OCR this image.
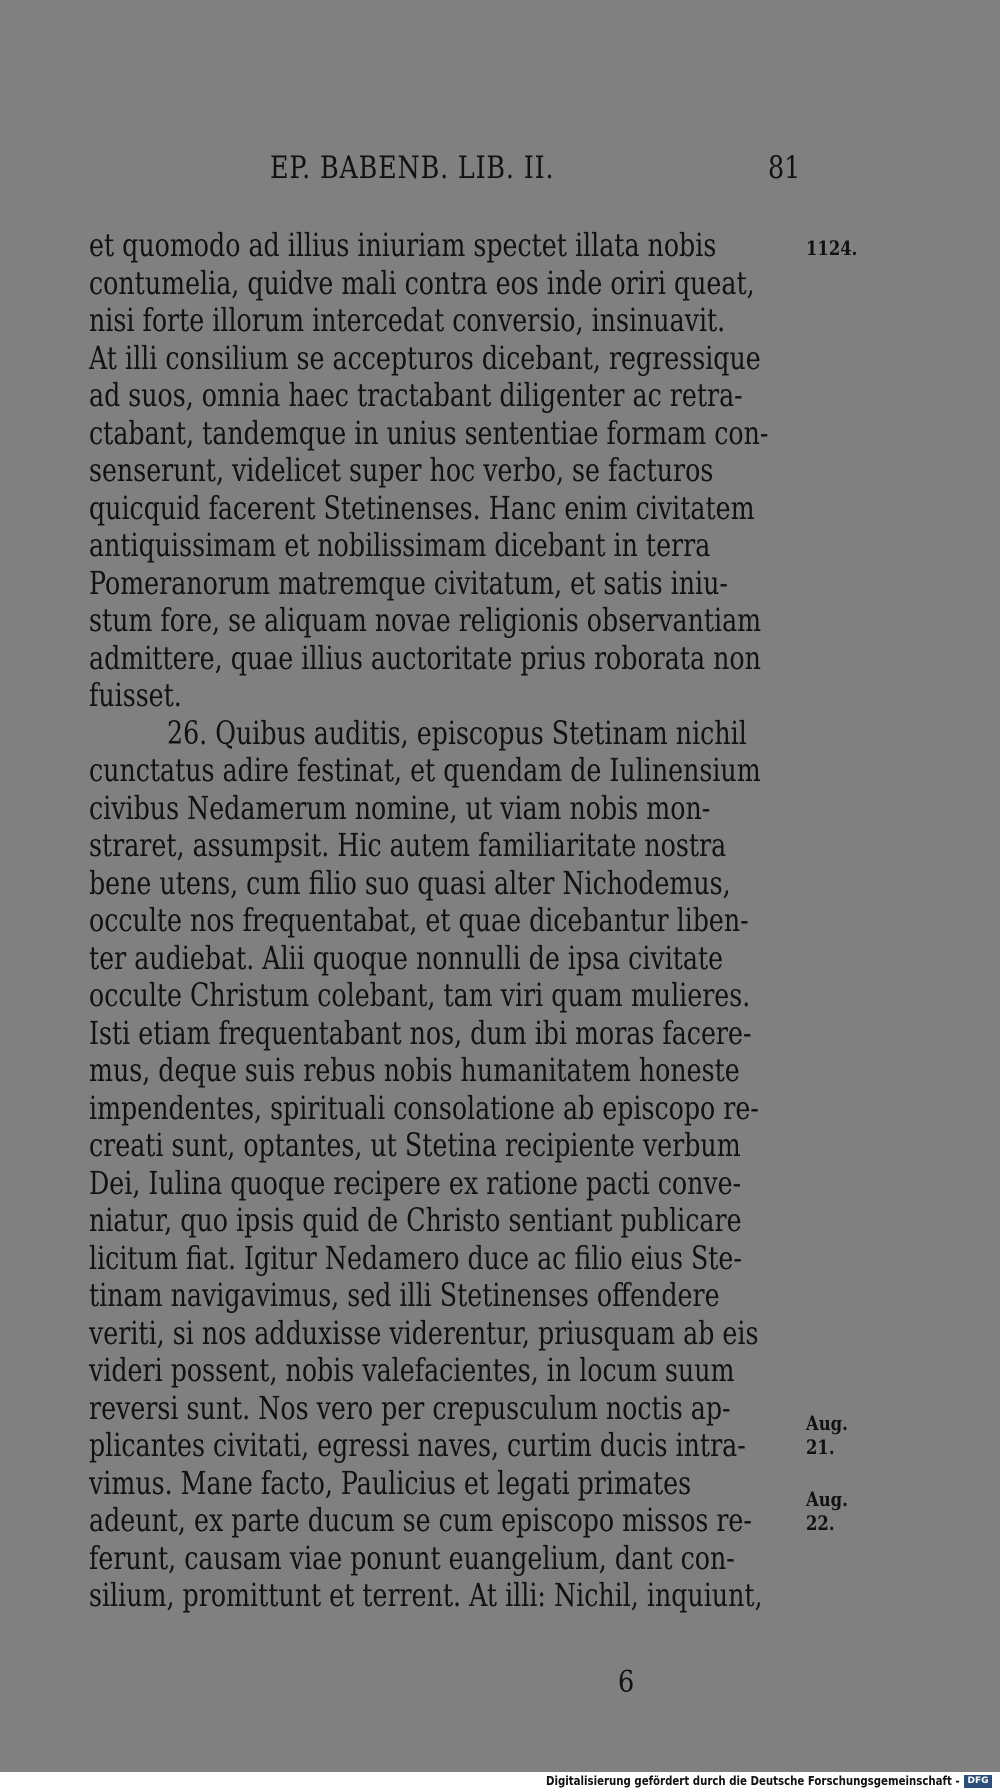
EP. BABENB. LIB. II.	81
et quomodo ad illius iniuriam spectet illata nobis
contumelia, quidve mali contra eos inde oriri queat,
nisi forte illorum intercedat conversio, insinuavit.
At illi consilium se accepturos dicebant, regressique
ad suos, omnia haec tractabant diligenter ac retra-
ctabant, tandemque in unius sententiae formam con-
senserunt, videlicet super hoc verbo, se facturos
quicquid facerent Stetinenses. Hanc enim civitatem
antiquissimam et nobilissimam dicebant in terra
Pomeranorum matremque civitatum, et satis iniu-
stum fore, se aliquam novae religionis observantiam
admittere, quae illius auctoritate prius roborata non
fuisset.
26. Quibus auditis, episcopus Stetinam nichil
cunctatus adire festinat, et quendam de Iulinensium
civibus Nedamerum nomine, ut viam nobis mon-
straret, assumpsit. Hic autem familiaritate nostra
bene utens, cum filio suo quasi alter Nichodemus,
occulte nos frequentabat, et quae dicebantur liben-
ter audiebat. Alii quoque nonnulli de ipsa civitate
occulte Christum colebant, tam viri quam mulieres.
Isti etiam frequentabant nos, dum ibi moras facere-
mus, deque suis rebus nobis humanitatem honeste
impendentes, spirituali consolatione ab episcopo re-
creati sunt, optantes, ut Stetina recipiente verbum
Dei, Iulina quoque recipere ex ratione pacti conve-
niatur, quo ipsis quid de Christo sentiant publicare
licitum fiat. Igitur Nedamero duce ac filio eius Ste-
tinam navigavimus, sed illi Stetinenses offendere
veriti, si nos adduxisse viderentur, priusquam ab eis
videri possent, nobis valefacientes, in locum suum
reversi sunt. Nos vero per crepusculum noctis ap-
plicantes civitati, egressi naves, curtim ducis intra-
vimus. Mane facto, Paulicius et legati primates
adeunt, ex parte ducum se cum episcopo missos re-
ferunt, causam viae ponunt euangelium, dant con-
silium, promittunt et terrent. At illi: Nichil, inquiunt,
1124.
Aug.
21.
Aug.
22.
6
Digitalisierung gefördert durch die Deutsche Forschungsgemeinschaft - DFG
